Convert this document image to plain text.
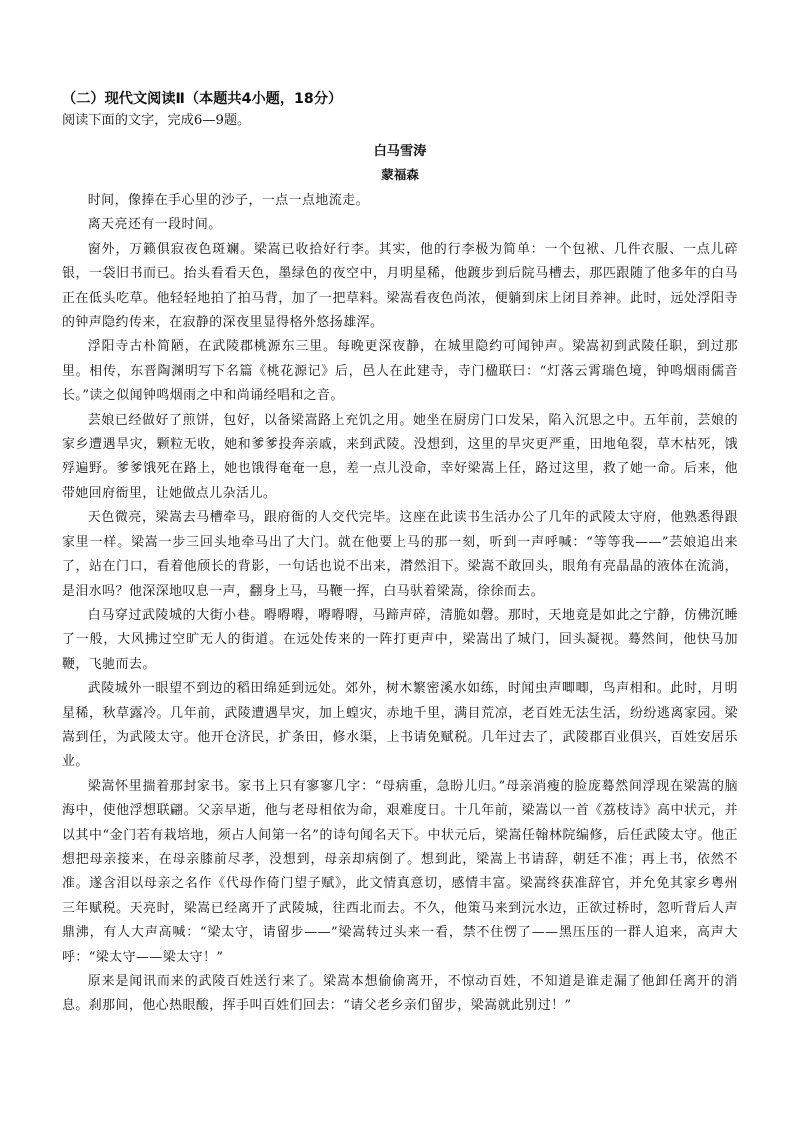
（二）现代文阅读Ⅱ（本题共4小题，18分）

阅读下面的文字，完成6—9题。

白马雪涛
蒙福森

时间，像捧在手心里的沙子，一点一点地流走。

离天亮还有一段时间。

窗外，万籁俱寂夜色斑斓。梁嵩已收拾好行李。其实，他的行李极为简单：一个包袱、几件衣服、一点儿碎银，一袋旧书而已。抬头看看天色，墨绿色的夜空中，月明星稀，他踱步到后院马槽去，那匹跟随了他多年的白马正在低头吃草。他轻轻地拍了拍马背，加了一把草料。梁嵩看夜色尚浓，便躺到床上闭目养神。此时，远处浮阳寺的钟声隐约传来，在寂静的深夜里显得格外悠扬雄浑。

浮阳寺古朴简陋，在武陵郡桃源东三里。每晚更深夜静，在城里隐约可闻钟声。梁嵩初到武陵任职，到过那里。相传，东晋陶渊明写下名篇《桃花源记》后，邑人在此建寺，寺门楹联曰：“灯落云霄瑞色境，钟鸣烟雨儒音长。”读之似闻钟鸣烟雨之中和尚诵经唱和之音。

芸娘已经做好了煎饼，包好，以备梁嵩路上充饥之用。她坐在厨房门口发呆，陷入沉思之中。五年前，芸娘的家乡遭遇旱灾，颗粒无收，她和爹爹投奔亲戚，来到武陵。没想到，这里的旱灾更严重，田地龟裂，草木枯死，饿殍遍野。爹爹饿死在路上，她也饿得奄奄一息，差一点儿没命，幸好梁嵩上任，路过这里，救了她一命。后来，他带她回府衙里，让她做点儿杂活儿。

天色微亮，梁嵩去马槽牵马，跟府衙的人交代完毕。这座在此读书生活办公了几年的武陵太守府，他熟悉得跟家里一样。梁嵩一步三回头地牵马出了大门。就在他要上马的那一刻，听到一声呼喊：“等等我——”芸娘追出来了，站在门口，看着他颀长的背影，一句话也说不出来，潸然泪下。梁嵩不敢回头，眼角有亮晶晶的液体在流淌，是泪水吗？他深深地叹息一声，翻身上马，马鞭一挥，白马驮着梁嵩，徐徐而去。

白马穿过武陵城的大街小巷。嘚嘚嘚，嘚嘚嘚，马蹄声碎，清脆如磬。那时，天地竟是如此之宁静，仿佛沉睡了一般，大风拂过空旷无人的街道。在远处传来的一阵打更声中，梁嵩出了城门，回头凝视。蓦然间，他快马加鞭，飞驰而去。

武陵城外一眼望不到边的稻田绵延到远处。郊外，树木繁密溪水如练，时闻虫声唧唧，鸟声相和。此时，月明星稀，秋草露冷。几年前，武陵遭遇旱灾，加上蝗灾，赤地千里，满目荒凉，老百姓无法生活，纷纷逃离家园。梁嵩到任，为武陵太守。他开仓济民，扩条田，修水渠，上书请免赋税。几年过去了，武陵郡百业俱兴，百姓安居乐业。

梁嵩怀里揣着那封家书。家书上只有寥寥几字：“母病重，急盼儿归。”母亲消瘦的脸庞蓦然间浮现在梁嵩的脑海中，使他浮想联翩。父亲早逝，他与老母相依为命，艰难度日。十几年前，梁嵩以一首《荔枝诗》高中状元，并以其中“金门若有栽培地，须占人间第一名”的诗句闻名天下。中状元后，梁嵩任翰林院编修，后任武陵太守。他正想把母亲接来，在母亲膝前尽孝，没想到，母亲却病倒了。想到此，梁嵩上书请辞，朝廷不准；再上书，依然不准。遂含泪以母亲之名作《代母作倚门望子赋》，此文情真意切，感情丰富。梁嵩终获准辞官，并允免其家乡粤州三年赋税。天亮时，梁嵩已经离开了武陵城，往西北而去。不久，他策马来到沅水边，正欲过桥时，忽听背后人声鼎沸，有人大声高喊：“梁太守，请留步——”梁嵩转过头来一看，禁不住愣了——黑压压的一群人追来，高声大呼：“梁太守——梁太守！”

原来是闻讯而来的武陵百姓送行来了。梁嵩本想偷偷离开，不惊动百姓，不知道是谁走漏了他卸任离开的消息。刹那间，他心热眼酸，挥手叫百姓们回去：“请父老乡亲们留步，梁嵩就此别过！”
